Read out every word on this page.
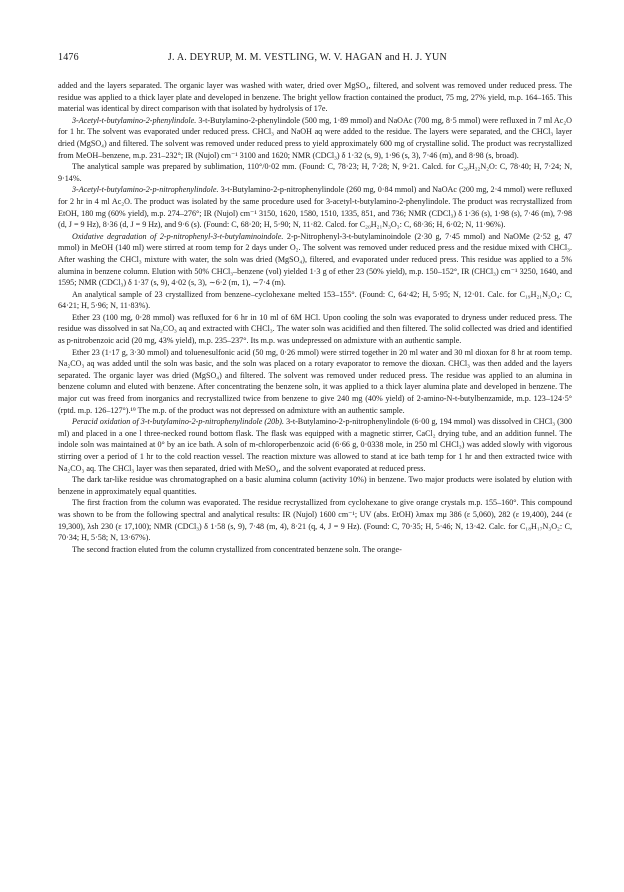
1476	J. A. DEYRUP, M. M. VESTLING, W. V. HAGAN and H. J. YUN

added and the layers separated. The organic layer was washed with water, dried over MgSO₄, filtered, and solvent was removed under reduced press. The residue was applied to a thick layer plate and developed in benzene. The bright yellow fraction contained the product, 75 mg, 27% yield, m.p. 164–165. This material was identical by direct comparison with that isolated by hydrolysis of 17e.

3-Acetyl-t-butylamino-2-phenylindole. 3-t-Butylamino-2-phenylindole (500 mg, 1·89 mmol) and NaOAc (700 mg, 8·5 mmol) were refluxed in 7 ml Ac₂O for 1 hr. The solvent was evaporated under reduced press. CHCl₃ and NaOH aq were added to the residue. The layers were separated, and the CHCl₃ layer dried (MgSO₄) and filtered. The solvent was removed under reduced press to yield approximately 600 mg of crystalline solid. The product was recrystallized from MeOH–benzene, m.p. 231–232°; IR (Nujol) cm⁻¹ 3100 and 1620; NMR (CDCl₃) δ 1·32 (s, 9), 1·96 (s, 3), 7·46 (m), and 8·98 (s, broad).

The analytical sample was prepared by sublimation, 110°/0·02 mm. (Found: C, 78·23; H, 7·28; N, 9·21. Calcd. for C₂₀H₂₂N₂O: C, 78·40; H, 7·24; N, 9·14%.

3-Acetyl-t-butylamino-2-p-nitrophenylindole. 3-t-Butylamino-2-p-nitrophenylindole (260 mg, 0·84 mmol) and NaOAc (200 mg, 2·4 mmol) were refluxed for 2 hr in 4 ml Ac₂O. The product was isolated by the same procedure used for 3-acetyl-t-butylamino-2-phenylindole. The product was recrystallized from EtOH, 180 mg (60% yield), m.p. 274–276°; IR (Nujol) cm⁻¹ 3150, 1620, 1580, 1510, 1335, 851, and 736; NMR (CDCl₃) δ 1·36 (s), 1·98 (s), 7·46 (m), 7·98 (d, J = 9 Hz), 8·36 (d, J = 9 Hz), and 9·6 (s). (Found: C, 68·20; H, 5·90; N, 11·82. Calcd. for C₂₀H₂₁N₃O₃: C, 68·36; H, 6·02; N, 11·96%).

Oxidative degradation of 2-p-nitrophenyl-3-t-butylaminoindole. 2-p-Nitrophenyl-3-t-butylaminoindole (2·30 g, 7·45 mmol) and NaOMe (2·52 g, 47 mmol) in MeOH (140 ml) were stirred at room temp for 2 days under O₂. The solvent was removed under reduced press and the residue mixed with CHCl₃. After washing the CHCl₃ mixture with water, the soln was dried (MgSO₄), filtered, and evaporated under reduced press. This residue was applied to a 5% alumina in benzene column. Elution with 50% CHCl₃–benzene (vol) yielded 1·3 g of ether 23 (50% yield), m.p. 150–152°, IR (CHCl₃) cm⁻¹ 3250, 1640, and 1595; NMR (CDCl₃) δ 1·37 (s, 9), 4·02 (s, 3), ∼6·2 (m, 1), ∼7·4 (m).

An analytical sample of 23 crystallized from benzene–cyclohexane melted 153–155°. (Found: C, 64·42; H, 5·95; N, 12·01. Calc. for C₁₉H₂₁N₃O₄: C, 64·21; H, 5·96; N, 11·83%).

Ether 23 (100 mg, 0·28 mmol) was refluxed for 6 hr in 10 ml of 6M HCl. Upon cooling the soln was evaporated to dryness under reduced press. The residue was dissolved in sat Na₂CO₃ aq and extracted with CHCl₃. The water soln was acidified and then filtered. The solid collected was dried and identified as p-nitrobenzoic acid (20 mg, 43% yield), m.p. 235–237°. Its m.p. was undepressed on admixture with an authentic sample.

Ether 23 (1·17 g, 3·30 mmol) and toluenesulfonic acid (50 mg, 0·26 mmol) were stirred together in 20 ml water and 30 ml dioxan for 8 hr at room temp. Na₂CO₃ aq was added until the soln was basic, and the soln was placed on a rotary evaporator to remove the dioxan. CHCl₃ was then added and the layers separated. The organic layer was dried (MgSO₄) and filtered. The solvent was removed under reduced press. The residue was applied to an alumina in benzene column and eluted with benzene. After concentrating the benzene soln, it was applied to a thick layer alumina plate and developed in benzene. The major cut was freed from inorganics and recrystallized twice from benzene to give 240 mg (40% yield) of 2-amino-N-t-butylbenzamide, m.p. 123–124·5° (rptd. m.p. 126–127°).¹⁹ The m.p. of the product was not depressed on admixture with an authentic sample.

Peracid oxidation of 3-t-butylamino-2-p-nitrophenylindole (20b). 3-t-Butylamino-2-p-nitrophenylindole (6·00 g, 194 mmol) was dissolved in CHCl₃ (300 ml) and placed in a one l three-necked round bottom flask. The flask was equipped with a magnetic stirrer, CaCl₂ drying tube, and an addition funnel. The indole soln was maintained at 0° by an ice bath. A soln of m-chloroperbenzoic acid (6·66 g, 0·0338 mole, in 250 ml CHCl₃) was added slowly with vigorous stirring over a period of 1 hr to the cold reaction vessel. The reaction mixture was allowed to stand at ice bath temp for 1 hr and then extracted twice with Na₂CO₃ aq. The CHCl₃ layer was then separated, dried with MeSO₄, and the solvent evaporated at reduced press.

The dark tar-like residue was chromatographed on a basic alumina column (activity 10%) in benzene. Two major products were isolated by elution with benzene in approximately equal quantities.

The first fraction from the column was evaporated. The residue recrystallized from cyclohexane to give orange crystals m.p. 155–160°. This compound was shown to be from the following spectral and analytical results: IR (Nujol) 1600 cm⁻¹; UV (abs. EtOH) λmax mμ 386 (ε 5,060), 282 (ε 19,400), 244 (ε 19,300), λsh 230 (ε 17,100); NMR (CDCl₃) δ 1·58 (s, 9), 7·48 (m, 4), 8·21 (q, 4, J = 9 Hz). (Found: C, 70·35; H, 5·46; N, 13·42. Calc. for C₁₈H₁₇N₃O₂: C, 70·34; H, 5·58; N, 13·67%).

The second fraction eluted from the column crystallized from concentrated benzene soln. The orange-
